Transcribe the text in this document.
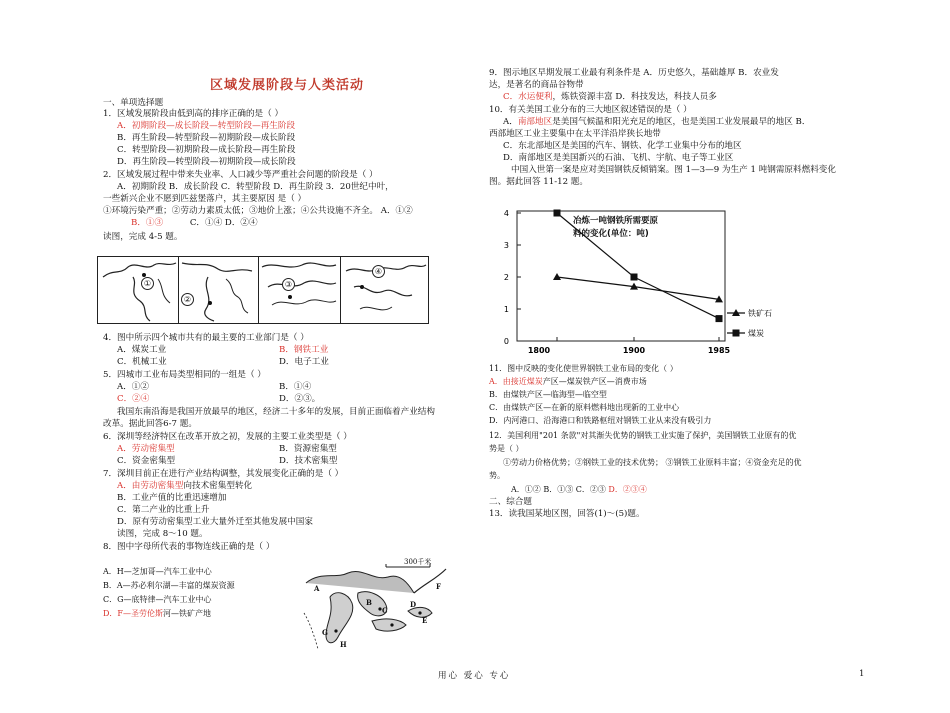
区域发展阶段与人类活动
一、单项选择题
1．区域发展阶段由低到高的排序正确的是（ ）
A．初期阶段—成长阶段—转型阶段—再生阶段
B．再生阶段—转型阶段—初期阶段—成长阶段
C．转型阶段—初期阶段—成长阶段—再生阶段
D．再生阶段—转型阶段—初期阶段—成长阶段
2．区域发展过程中带来失业率、人口减少等严重社会问题的阶段是（ ）
A．初期阶段 B．成长阶段 C．转型阶段 D．再生阶段 3．20世纪中叶，
一些新兴企业不愿到匹兹堡落户，其主要原因 是（ ）
①环境污染严重；②劳动力素质太低；③地价上涨；④公共设施不齐全。 A．①②
B．①③	C．①④ D．②④
读图，完成 4-5 题。
①
②
③
④
4．图中所示四个城市共有的最主要的工业部门是（ ）
A．煤炭工业	B．钢铁工业
C．机械工业	D．电子工业
5．四城市工业布局类型相同的一组是（ ）
A．①②	B．①④
C．②④	D．②③。
我国东南沿海是我国开放最早的地区，经济二十多年的发展，目前正面临着产业结构
改革。据此回答6-7 题。
6．深圳等经济特区在改革开放之初，发展的主要工业类型是（ ）
A．劳动密集型	B．资源密集型
C．资金密集型	D．技术密集型
7．深圳目前正在进行产业结构调整，其发展变化正确的是（ ）
A．由劳动密集型向技术密集型转化
B．工业产值的比重迅速增加
C．第二产业的比重上升
D．原有劳动密集型工业大量外迁至其他发展中国家
读图，完成 8～10 题。
8．图中字母所代表的事物连线正确的是（ ）
A．H—芝加哥—汽车工业中心
B．A—苏必利尔湖—丰富的煤炭资源
C．G—底特律—汽车工业中心
D．F—圣劳伦斯河—铁矿产地
300千米
A
B
C
D
E
F
G
H
9．图示地区早期发展工业最有利条件是 A．历史悠久，基础雄厚 B．农业发
达，是著名的商品谷物带
C．水运便利，炼铁资源丰富 D．科技发达，科技人员多
10．有关美国工业分布的三大地区叙述错误的是（ ）
A．南部地区是美国气候温和阳光充足的地区，也是美国工业发展最早的地区 B．
西部地区工业主要集中在太平洋沿岸狭长地带
C．东北部地区是美国的汽车、钢铁、化学工业集中分布的地区
D．南部地区是美国新兴的石油、飞机、宇航、电子等工业区
中国入世第一案是应对美国钢铁反倾销案。图 1—3—9 为生产 1 吨钢需原料燃料变化
图。据此回答 11-12 题。
0
1
2
3
4
1800	1900	1985
冶炼一吨钢铁所需要原
料的变化(单位：吨)
铁矿石
煤炭
11．图中反映的变化使世界钢铁工业布局的变化（ ）
A．由接近煤炭产区—煤炭铁产区—消费市场
B．由煤铁产区—临海型—临空型
C．由煤铁产区—在新的原料燃料地出现新的工业中心
D．内河港口、沿海港口和铁路枢纽对钢铁工业从来没有吸引力
12．美国利用"201 条款"对其渐失优势的钢铁工业实施了保护，美国钢铁工业原有的优
势是（ ）
①劳动力价格优势；②钢铁工业的技术优势； ③钢铁工业原料丰富；④资金充足的优
势。
A．①② B．①③ C．②③ D．②③④
二、综合题
13．读我国某地区图，回答(1)～(5)题。
用心 爱心 专心	1
